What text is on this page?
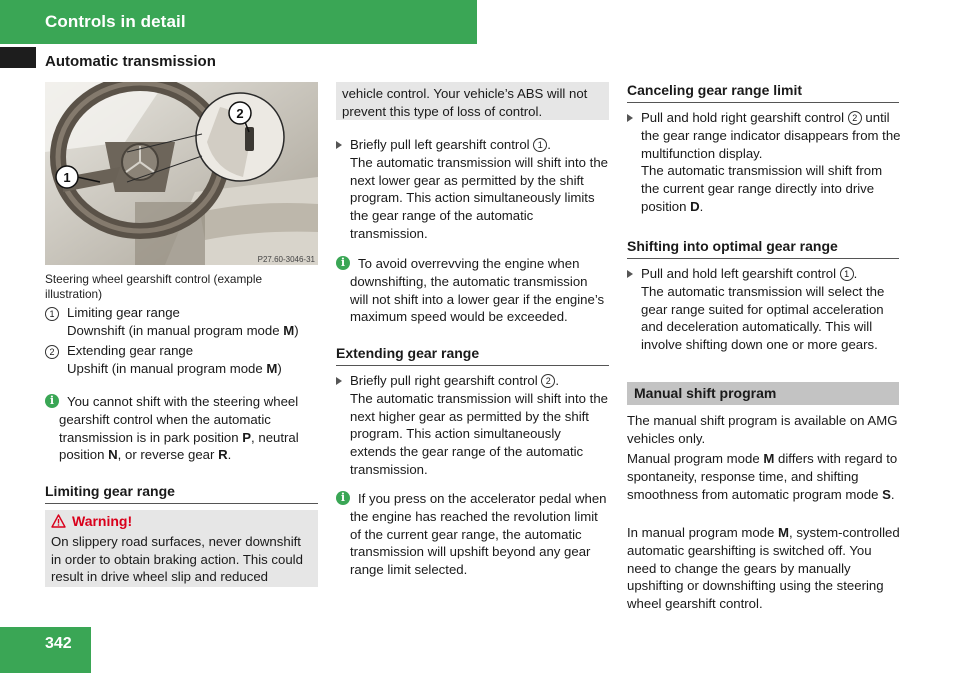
Controls in detail
Automatic transmission
2
1
P27.60-3046-31
Steering wheel gearshift control (example illustration)
1 Limiting gear range
Downshift (in manual program mode M)
2 Extending gear range
Upshift (in manual program mode M)
i You cannot shift with the steering wheel gearshift control when the automatic transmission is in park position P, neutral position N, or reverse gear R.
Limiting gear range
Warning!
On slippery road surfaces, never downshift in order to obtain braking action. This could result in drive wheel slip and reduced
vehicle control. Your vehicle’s ABS will not prevent this type of loss of control.
Briefly pull left gearshift control 1 .
The automatic transmission will shift into the next lower gear as permitted by the shift program. This action simultaneously limits the gear range of the automatic transmission.
i To avoid overrevving the engine when downshifting, the automatic transmission will not shift into a lower gear if the engine’s maximum speed would be exceeded.
Extending gear range
Briefly pull right gearshift control 2 .
The automatic transmission will shift into the next higher gear as permitted by the shift program. This action simultaneously extends the gear range of the automatic transmission.
i If you press on the accelerator pedal when the engine has reached the revolution limit of the current gear range, the automatic transmission will upshift beyond any gear range limit selected.
Canceling gear range limit
Pull and hold right gearshift control 2 until the gear range indicator disappears from the multifunction display.
The automatic transmission will shift from the current gear range directly into drive position D.
Shifting into optimal gear range
Pull and hold left gearshift control 1 .
The automatic transmission will select the gear range suited for optimal acceleration and deceleration automatically. This will involve shifting down one or more gears.
Manual shift program
The manual shift program is available on AMG vehicles only.
Manual program mode M differs with regard to spontaneity, response time, and shifting smoothness from automatic program mode S.
In manual program mode M, system-controlled automatic gearshifting is switched off. You need to change the gears by manually upshifting or downshifting using the steering wheel gearshift control.
342
